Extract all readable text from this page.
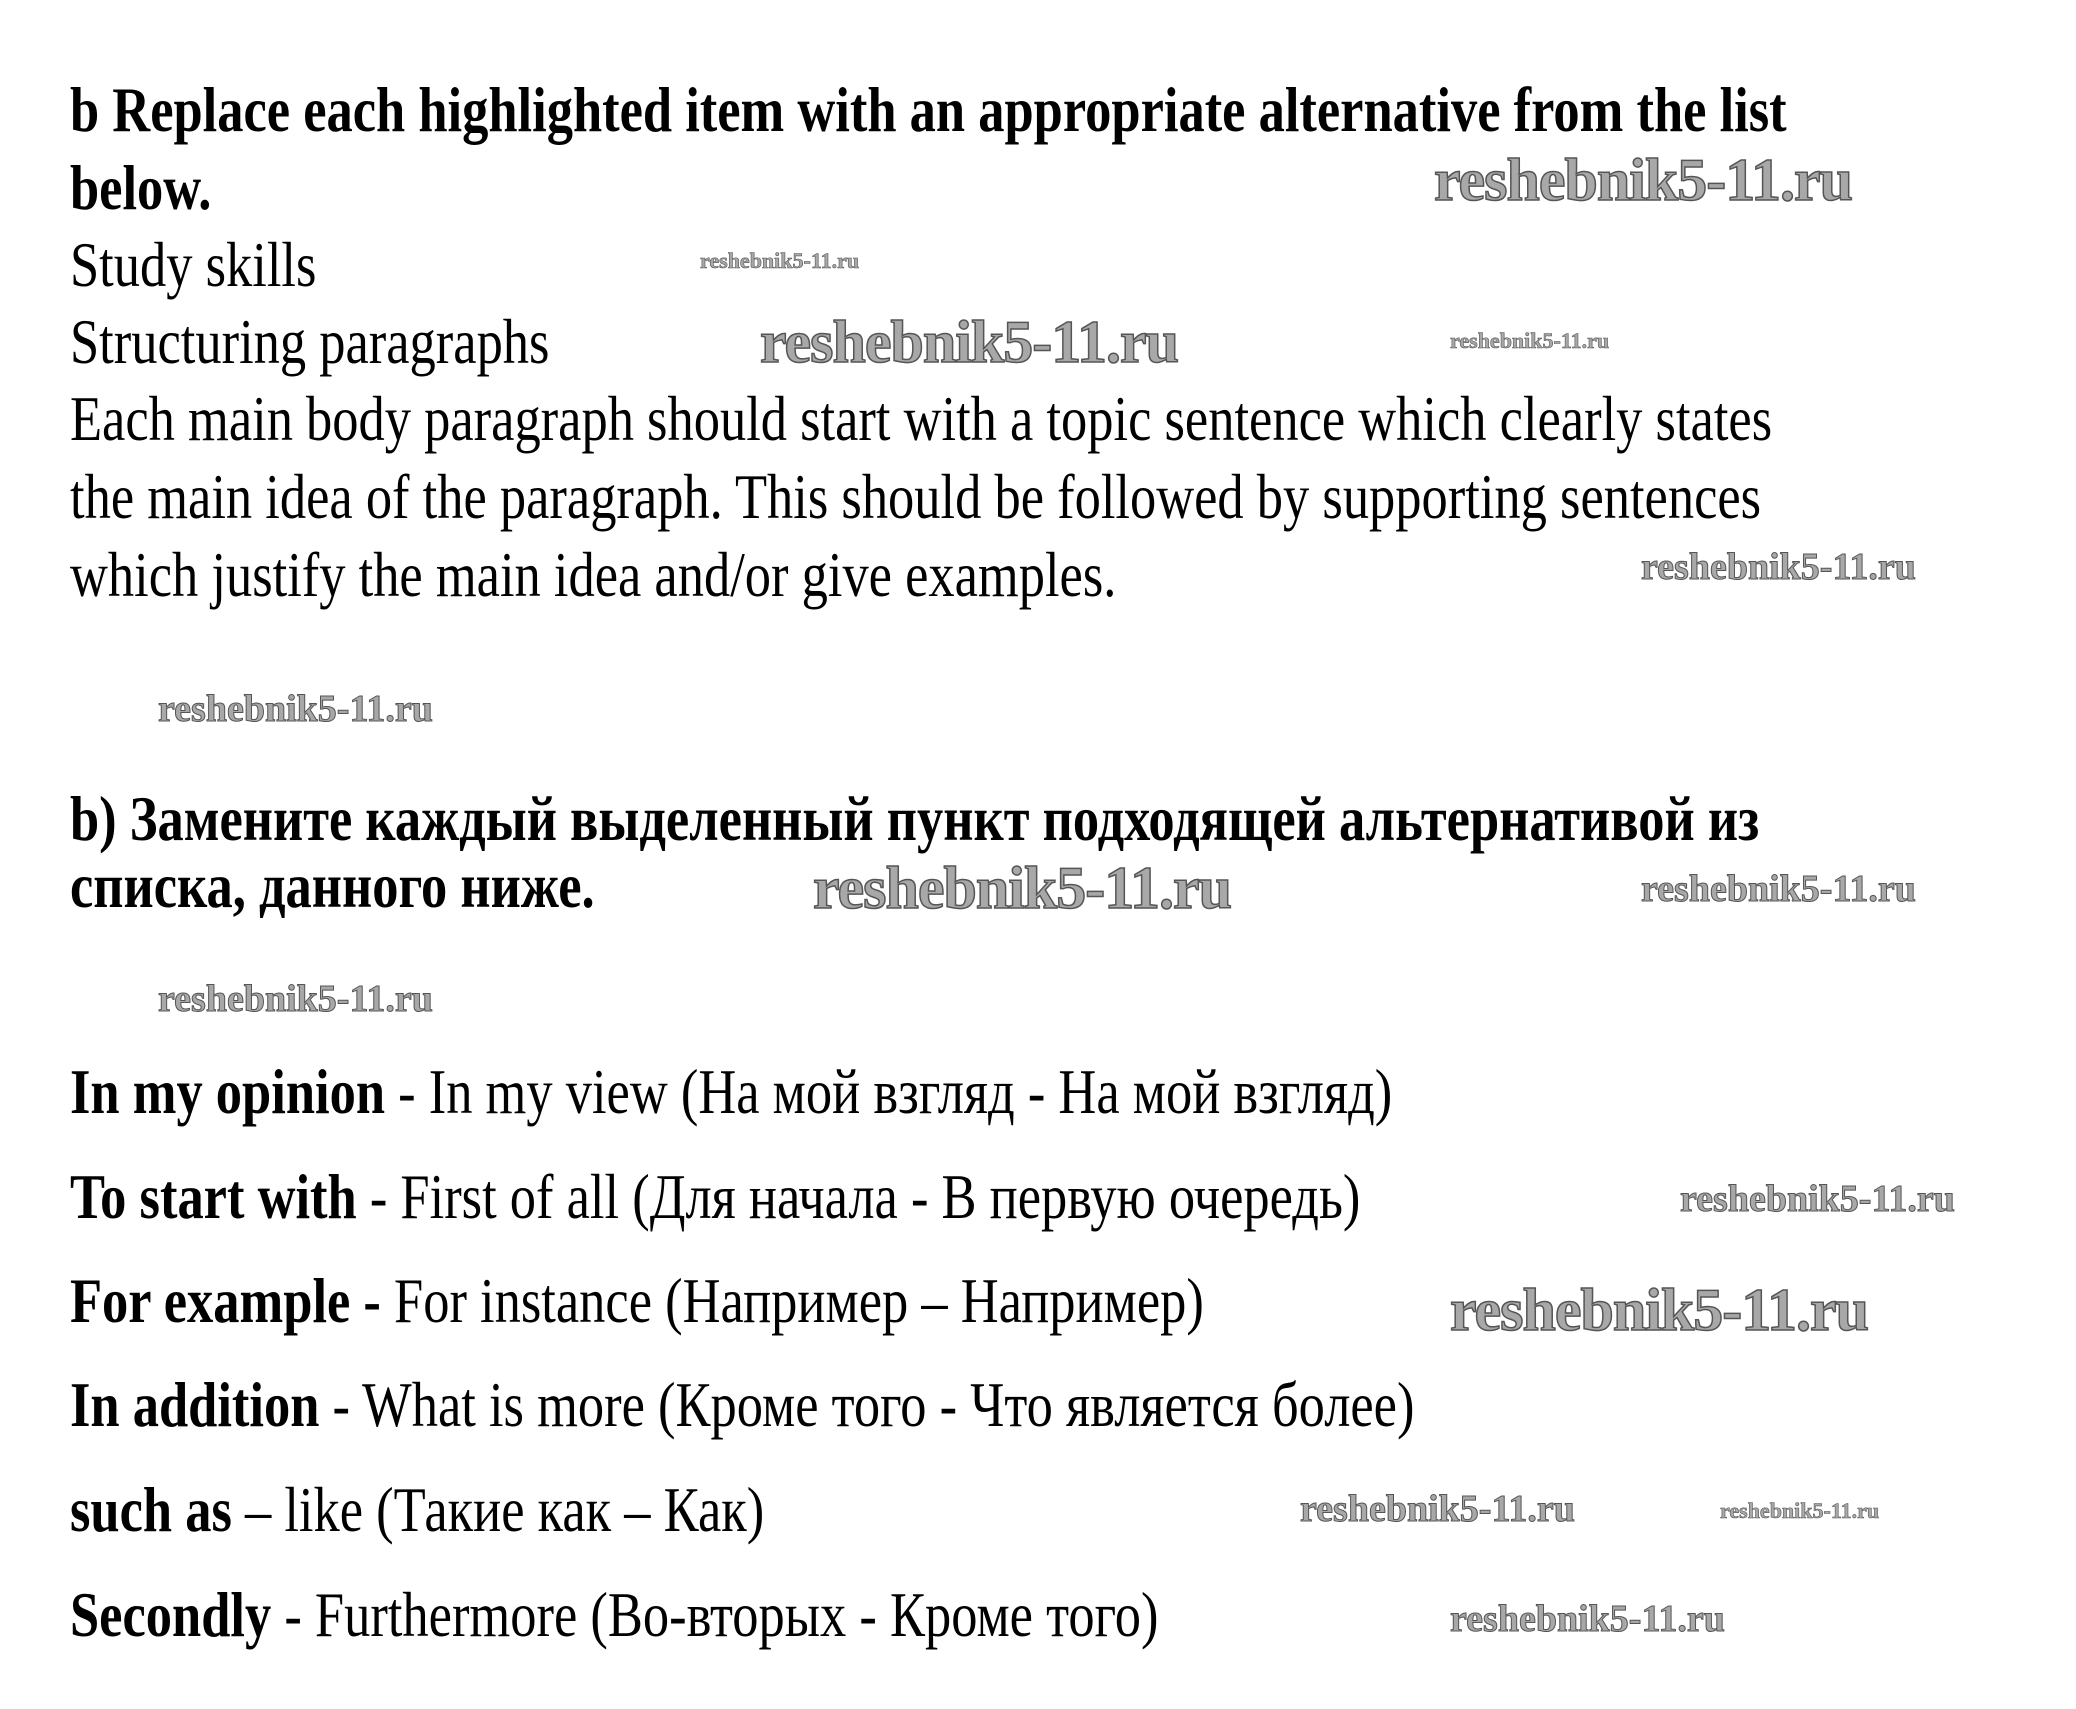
b Replace each highlighted item with an appropriate alternative from the list
below.
Study skills
Structuring paragraphs
Each main body paragraph should start with a topic sentence which clearly states
the main idea of the paragraph. This should be followed by supporting sentences
which justify the main idea and/or give examples.
b) Замените каждый выделенный пункт подходящей альтернативой из
списка, данного ниже.
In my opinion - In my view (На мой взгляд - На мой взгляд)
To start with - First of all (Для начала - В первую очередь)
For example - For instance (Например – Например)
In addition - What is more (Кроме того - Что является более)
such as – like (Такие как – Как)
Secondly - Furthermore (Во-вторых - Кроме того)
reshebnik5-11.ru
reshebnik5-11.ru
reshebnik5-11.ru	reshebnik5-11.ru
reshebnik5-11.ru
reshebnik5-11.ru
reshebnik5-11.ru	reshebnik5-11.ru
reshebnik5-11.ru
reshebnik5-11.ru
reshebnik5-11.ru
reshebnik5-11.ru	reshebnik5-11.ru
reshebnik5-11.ru
